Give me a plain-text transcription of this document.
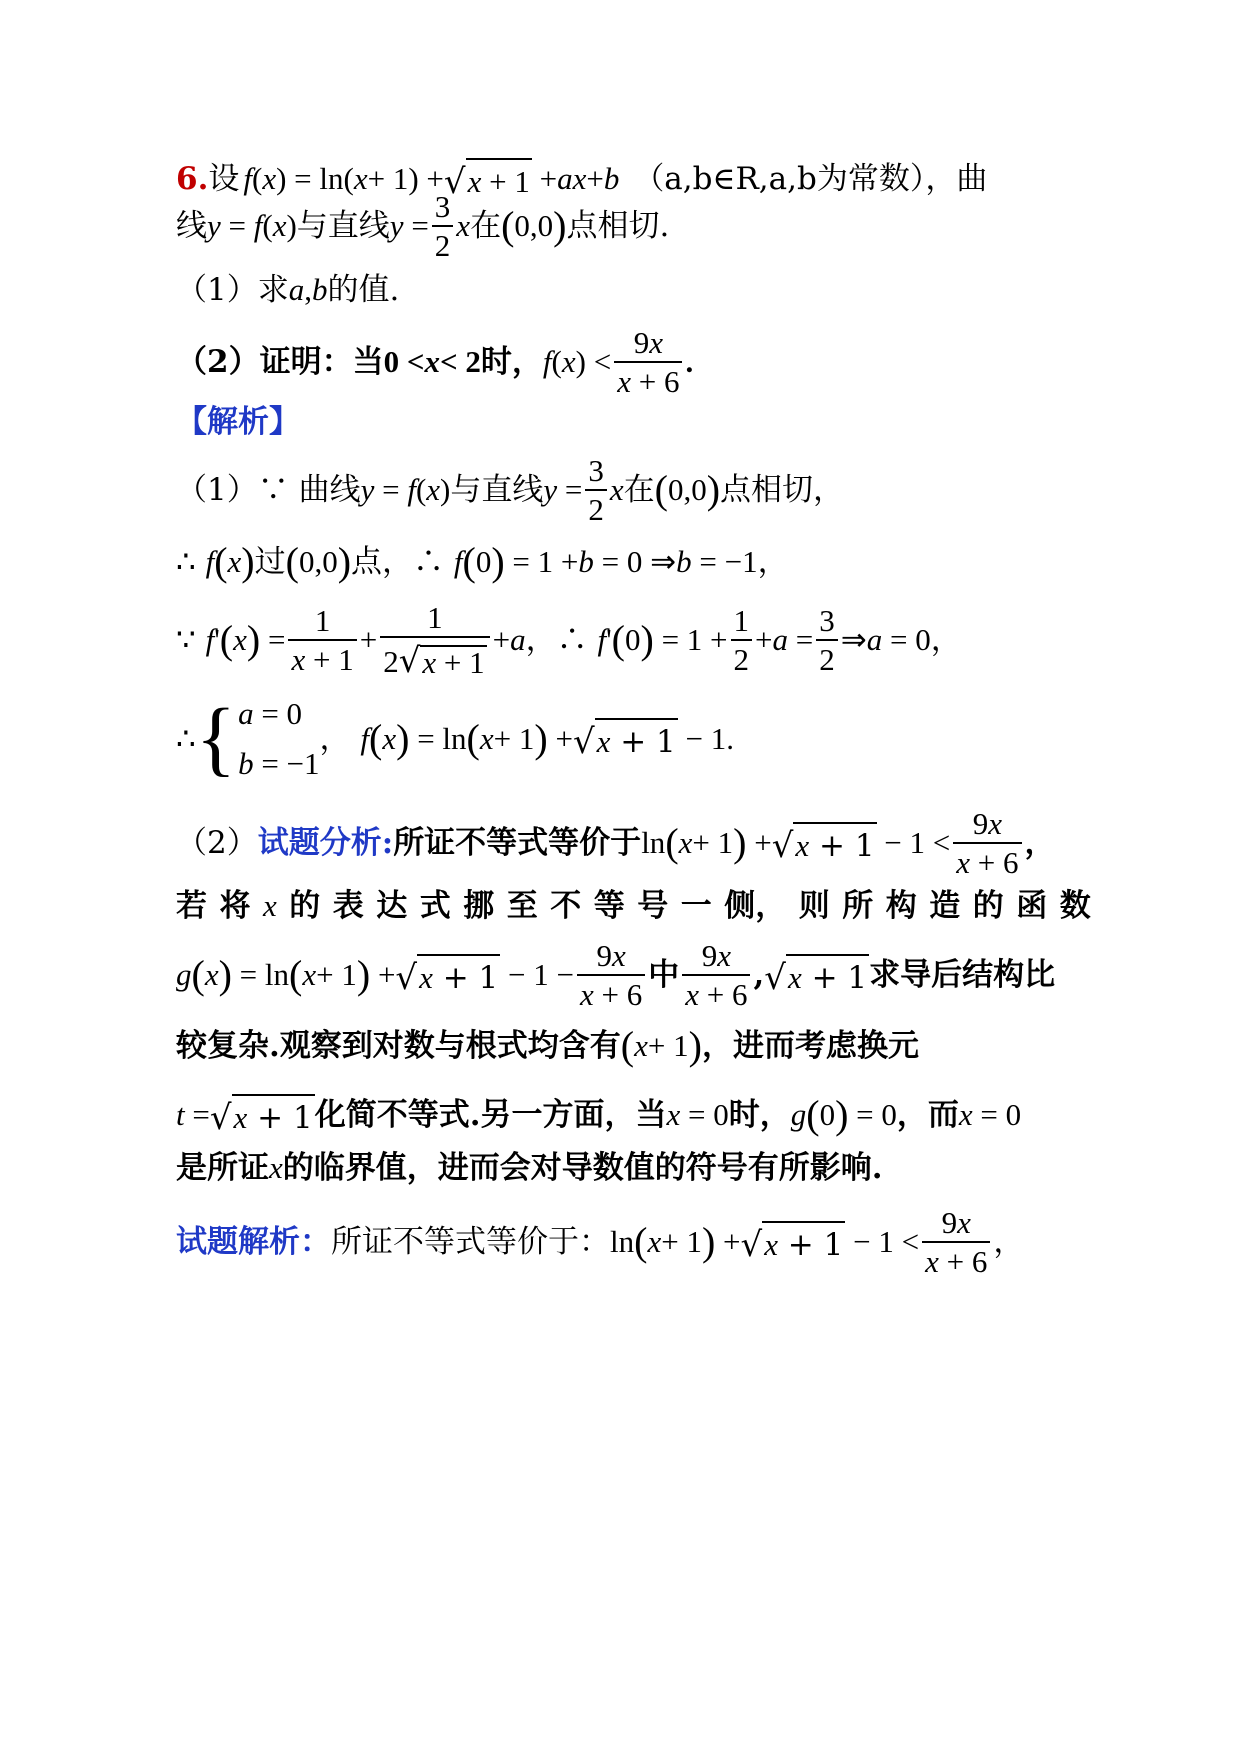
6. 设 f ( x ) = ln( x + 1) + √ x + 1 + ax + b （a,b∈R,a,b为常数），曲
线 y = f ( x ) 与直线 $y = \frac{3}{2}$ x 在 ( 0,0 ) 点相切.
（1）求 a , b 的值.
（2）证明：当 0 < x < 2 时， f ( x ) < $\frac{9x}{x + 6}$ .
【解析】
（1）∵ 曲线 y = f ( x ) 与直线 $y = \frac{3}{2}$ x 在 ( 0,0 ) 点相切，
∴ f ( x ) 过 ( 0,0 ) 点，∴ f ( 0 ) = 1 + b = 0 ⇒ b = −1，
∵ f ' ( x ) = $\frac{1}{x + 1} + \frac{1}{2 √ x + 1} + a$ ，∴ f ' ( 0 ) = $1 + \frac{1}{2} + a = \frac{3}{2}$ ⇒ a = 0，
∴ { a = 0
b = −1
， f ( x ) = ln ( x + 1 ) + √ x + 1 − 1.
（2） 试题分析: 所证不等式等价于 ln ( x + 1 ) + √ $x + 1 - 1 < \frac{9x}{x + 6}$ ，
若 将 x 的 表 达 式 挪 至 不 等 号 一 侧， 则 所 构 造 的 函 数
g ( x ) = ln ( x + 1 ) + √ $x + 1 - 1 - \frac{9x}{x + 6}$ 中 $\frac{9x}{x + 6}$ , √ x + 1 求导后结构比
较复杂.观察到对数与根式均含有 ( x + 1 ) ，进而考虑换元
t = √ x + 1 化简不等式.另一方面，当 x = 0 时， g ( 0 ) = 0 ，而 x = 0
是所证 x 的临界值，进而会对导数值的符号有所影响.
试题解析： 所证不等式等价于： ln ( x + 1 ) + √ $x + 1 - 1 < \frac{9x}{x + 6}$ ，
